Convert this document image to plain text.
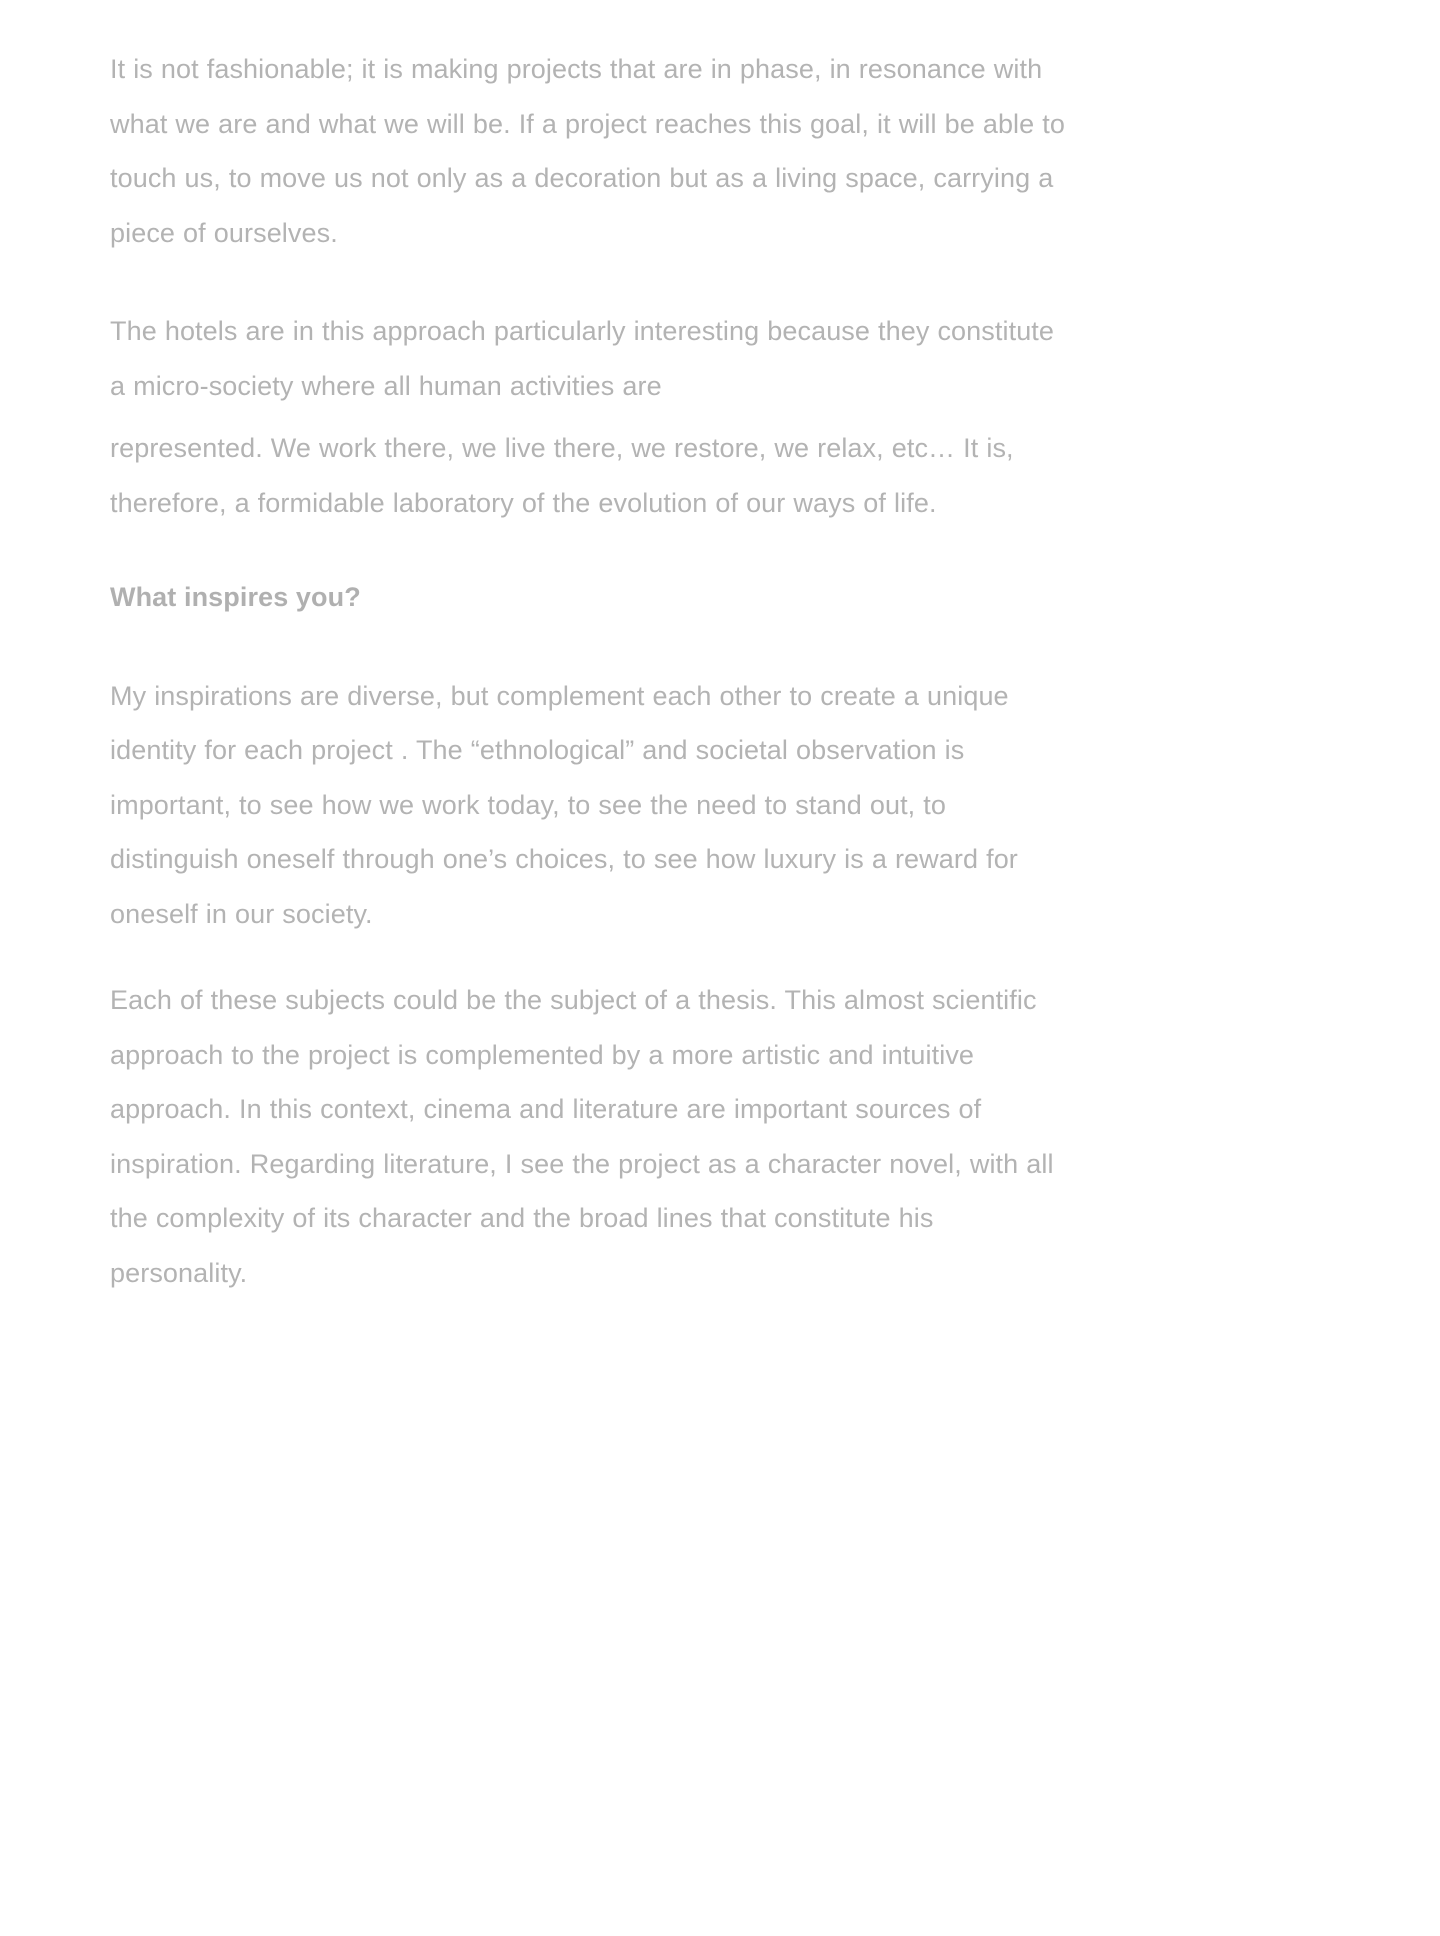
It is not fashionable; it is making projects that are in phase, in resonance with what we are and what we will be. If a project reaches this goal, it will be able to touch us, to move us not only as a decoration but as a living space, carrying a piece of ourselves.

The hotels are in this approach particularly interesting because they constitute a micro-society where all human activities are

represented. We work there, we live there, we restore, we relax, etc… It is, therefore, a formidable laboratory of the evolution of our ways of life.

What inspires you?

My inspirations are diverse, but complement each other to create a unique identity for each project . The “ethnological” and societal observation is important, to see how we work today, to see the need to stand out, to distinguish oneself through one’s choices, to see how luxury is a reward for oneself in our society.

Each of these subjects could be the subject of a thesis. This almost scientific approach to the project is complemented by a more artistic and intuitive approach. In this context, cinema and literature are important sources of inspiration. Regarding literature, I see the project as a character novel, with all the complexity of its character and the broad lines that constitute his personality.
